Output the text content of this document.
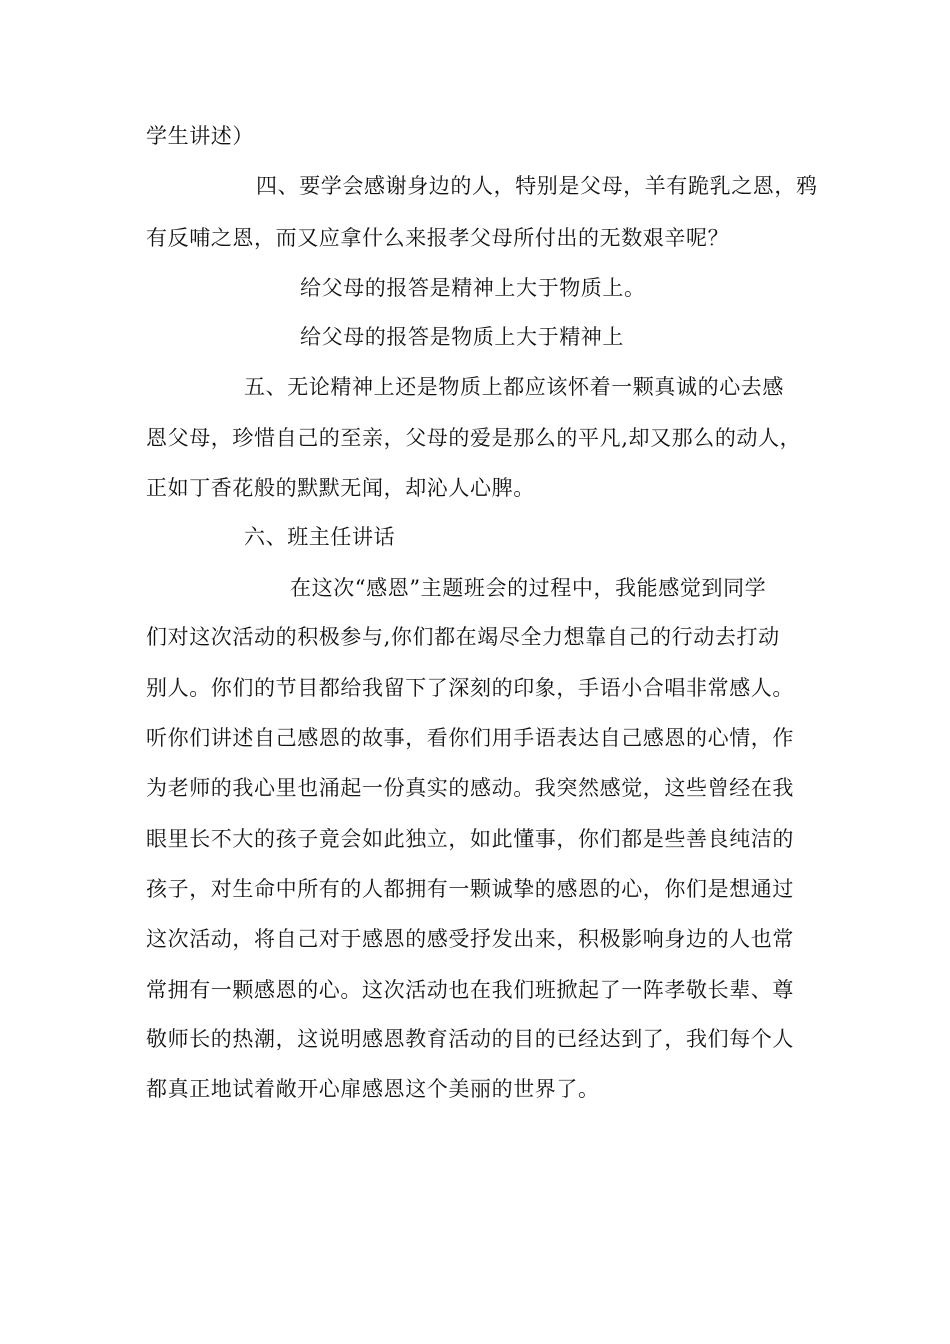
学生讲述）
四、要学会感谢身边的人，特别是父母，羊有跪乳之恩，鸦
有反哺之恩，而又应拿什么来报孝父母所付出的无数艰辛呢？
给父母的报答是精神上大于物质上。
给父母的报答是物质上大于精神上
五、无论精神上还是物质上都应该怀着一颗真诚的心去感
恩父母，珍惜自己的至亲，父母的爱是那么的平凡,却又那么的动人，
正如丁香花般的默默无闻，却沁人心脾。
六、班主任讲话
在这次“感恩”主题班会的过程中，我能感觉到同学
们对这次活动的积极参与,你们都在竭尽全力想靠自己的行动去打动
别人。你们的节目都给我留下了深刻的印象，手语小合唱非常感人。
听你们讲述自己感恩的故事，看你们用手语表达自己感恩的心情，作
为老师的我心里也涌起一份真实的感动。我突然感觉，这些曾经在我
眼里长不大的孩子竟会如此独立，如此懂事，你们都是些善良纯洁的
孩子，对生命中所有的人都拥有一颗诚挚的感恩的心，你们是想通过
这次活动，将自己对于感恩的感受抒发出来，积极影响身边的人也常
常拥有一颗感恩的心。这次活动也在我们班掀起了一阵孝敬长辈、尊
敬师长的热潮，这说明感恩教育活动的目的已经达到了，我们每个人
都真正地试着敞开心扉感恩这个美丽的世界了。
